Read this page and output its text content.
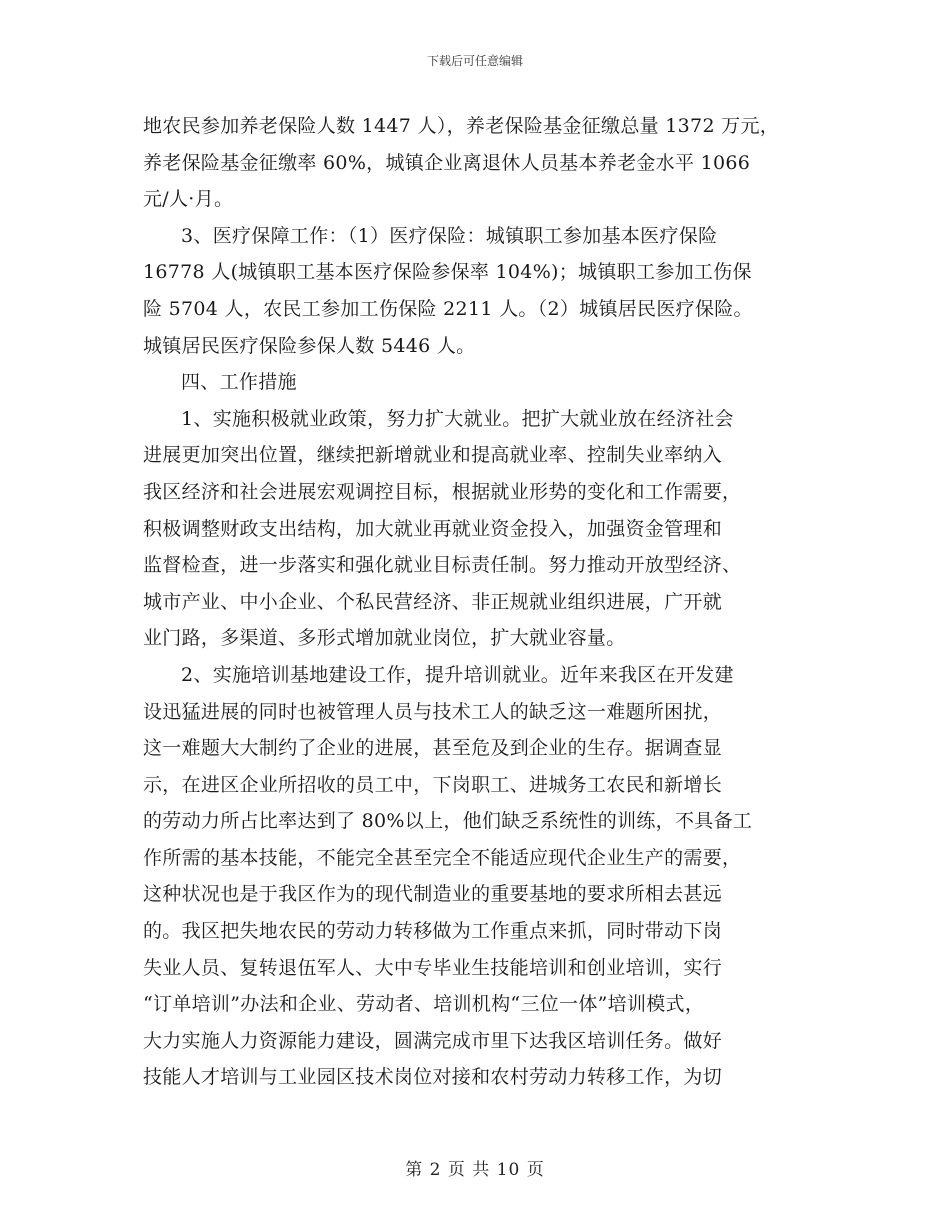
下载后可任意编辑
地农民参加养老保险人数 1447 人），养老保险基金征缴总量 1372 万元，
养老保险基金征缴率 60%，城镇企业离退休人员基本养老金水平 1066
元/人·月。
3、医疗保障工作：（1）医疗保险：城镇职工参加基本医疗保险
16778 人(城镇职工基本医疗保险参保率 104%)；城镇职工参加工伤保
险 5704 人，农民工参加工伤保险 2211 人。（2）城镇居民医疗保险。
城镇居民医疗保险参保人数 5446 人。
四、工作措施
1、实施积极就业政策，努力扩大就业。把扩大就业放在经济社会
进展更加突出位置，继续把新增就业和提高就业率、控制失业率纳入
我区经济和社会进展宏观调控目标，根据就业形势的变化和工作需要，
积极调整财政支出结构，加大就业再就业资金投入，加强资金管理和
监督检查，进一步落实和强化就业目标责任制。努力推动开放型经济、
城市产业、中小企业、个私民营经济、非正规就业组织进展，广开就
业门路，多渠道、多形式增加就业岗位，扩大就业容量。
2、实施培训基地建设工作，提升培训就业。近年来我区在开发建
设迅猛进展的同时也被管理人员与技术工人的缺乏这一难题所困扰，
这一难题大大制约了企业的进展，甚至危及到企业的生存。据调查显
示，在进区企业所招收的员工中，下岗职工、进城务工农民和新增长
的劳动力所占比率达到了 80%以上，他们缺乏系统性的训练，不具备工
作所需的基本技能，不能完全甚至完全不能适应现代企业生产的需要，
这种状况也是于我区作为的现代制造业的重要基地的要求所相去甚远
的。我区把失地农民的劳动力转移做为工作重点来抓，同时带动下岗
失业人员、复转退伍军人、大中专毕业生技能培训和创业培训，实行
“订单培训”办法和企业、劳动者、培训机构“三位一体”培训模式，
大力实施人力资源能力建设，圆满完成市里下达我区培训任务。做好
技能人才培训与工业园区技术岗位对接和农村劳动力转移工作，为切
第 2 页 共 10 页
